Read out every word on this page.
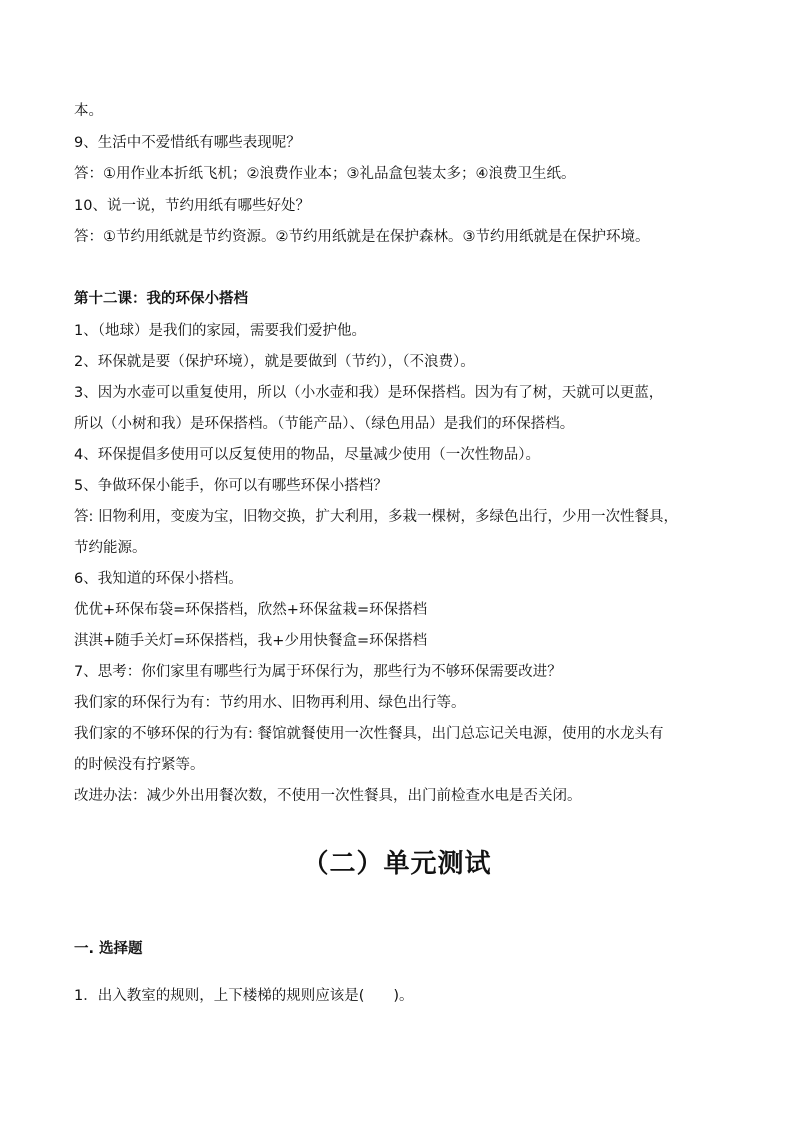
本。
9、生活中不爱惜纸有哪些表现呢？
答：①用作业本折纸飞机；②浪费作业本；③礼品盒包装太多；④浪费卫生纸。
10、说一说，节约用纸有哪些好处？
答：①节约用纸就是节约资源。②节约用纸就是在保护森林。③节约用纸就是在保护环境。
第十二课：我的环保小搭档
1、（地球）是我们的家园，需要我们爱护他。
2、环保就是要（保护环境），就是要做到（节约），（不浪费）。
3、因为水壶可以重复使用，所以（小水壶和我）是环保搭档。因为有了树，天就可以更蓝，
所以（小树和我）是环保搭档。（节能产品）、（绿色用品）是我们的环保搭档。
4、环保提倡多使用可以反复使用的物品，尽量减少使用（一次性物品）。
5、争做环保小能手，你可以有哪些环保小搭档？
答: 旧物利用，变废为宝，旧物交换，扩大利用，多栽一棵树，多绿色出行，少用一次性餐具，
节约能源。
6、我知道的环保小搭档。
优优+环保布袋=环保搭档，欣然+环保盆栽=环保搭档
淇淇+随手关灯=环保搭档，我+少用快餐盒=环保搭档
7、思考：你们家里有哪些行为属于环保行为，那些行为不够环保需要改进？
我们家的环保行为有：节约用水、旧物再利用、绿色出行等。
我们家的不够环保的行为有: 餐馆就餐使用一次性餐具，出门总忘记关电源，使用的水龙头有
的时候没有拧紧等。
改进办法：减少外出用餐次数，不使用一次性餐具，出门前检查水电是否关闭。
（二）单元测试
一. 选择题
1．出入教室的规则，上下楼梯的规则应该是(　　)。
